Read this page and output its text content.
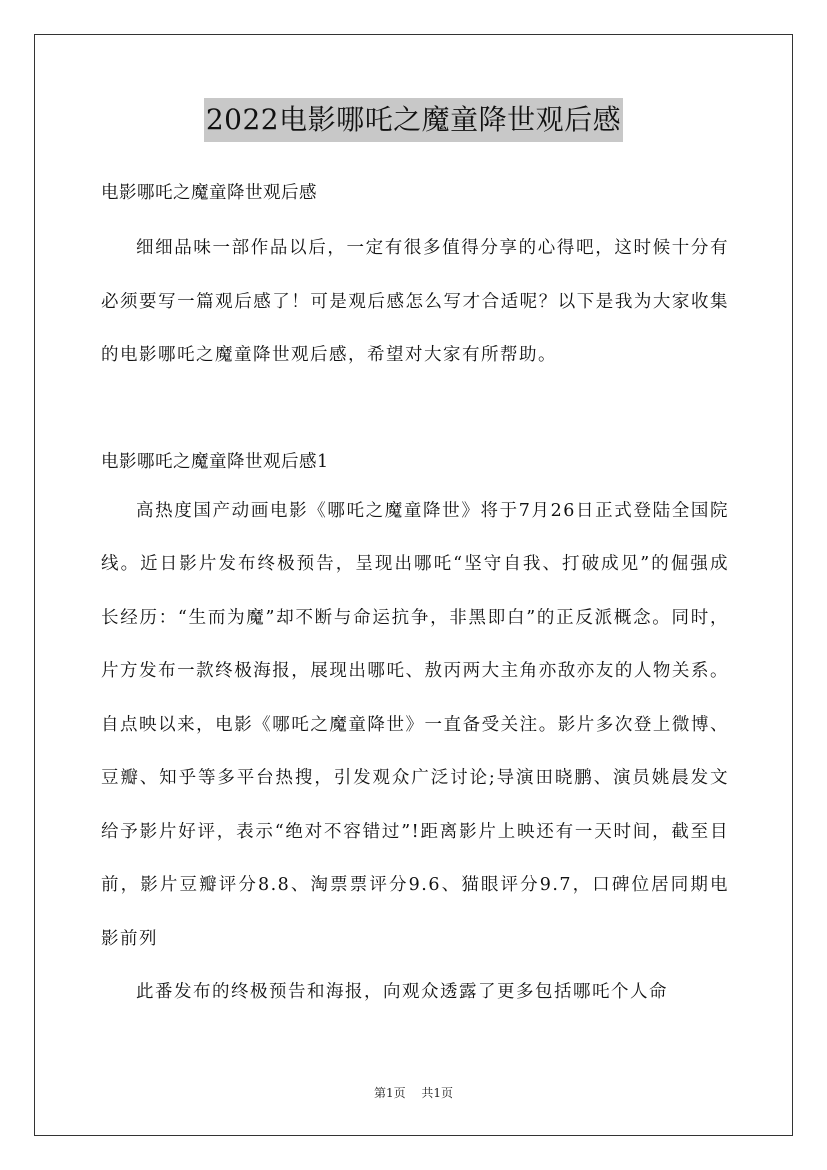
2022电影哪吒之魔童降世观后感

电影哪吒之魔童降世观后感

细细品味一部作品以后，一定有很多值得分享的心得吧，这时候十分有必须要写一篇观后感了！可是观后感怎么写才合适呢？以下是我为大家收集的电影哪吒之魔童降世观后感，希望对大家有所帮助。

电影哪吒之魔童降世观后感1

高热度国产动画电影《哪吒之魔童降世》将于7月26日正式登陆全国院线。近日影片发布终极预告，呈现出哪吒“坚守自我、打破成见”的倔强成长经历：“生而为魔”却不断与命运抗争，非黑即白”的正反派概念。同时，片方发布一款终极海报，展现出哪吒、敖丙两大主角亦敌亦友的人物关系。自点映以来，电影《哪吒之魔童降世》一直备受关注。影片多次登上微博、豆瓣、知乎等多平台热搜，引发观众广泛讨论;导演田晓鹏、演员姚晨发文给予影片好评，表示“绝对不容错过”!距离影片上映还有一天时间，截至目前，影片豆瓣评分8.8、淘票票评分9.6、猫眼评分9.7，口碑位居同期电影前列

此番发布的终极预告和海报，向观众透露了更多包括哪吒个人命

第1页 共1页
